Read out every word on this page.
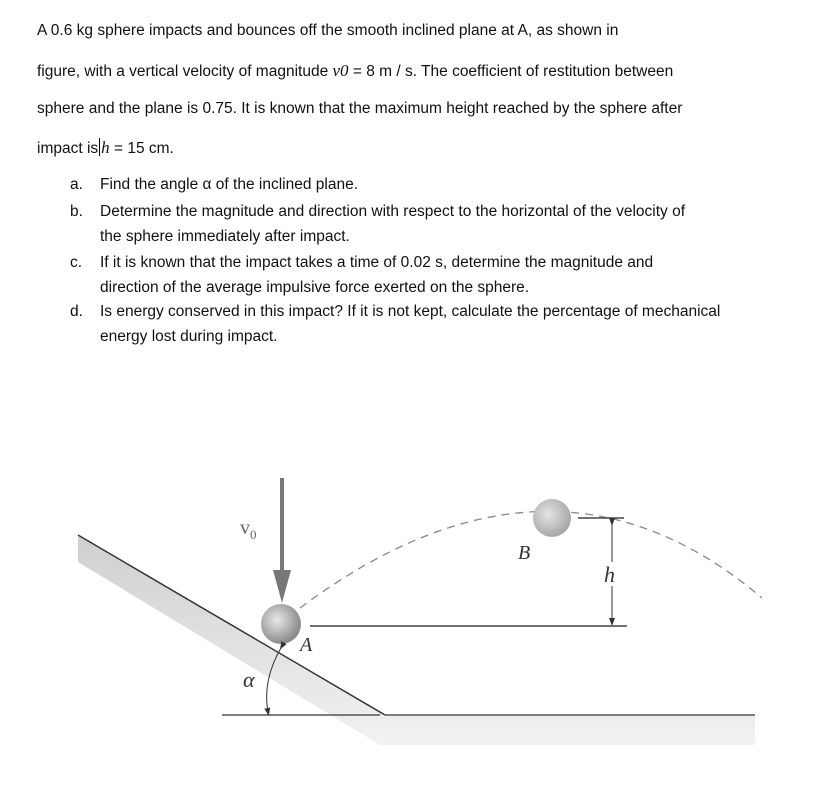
A 0.6 kg sphere impacts and bounces off the smooth inclined plane at A, as shown in
figure, with a vertical velocity of magnitude v0 = 8 m / s. The coefficient of restitution between
sphere and the plane is 0.75. It is known that the maximum height reached by the sphere after
impact is h = 15 cm.
a. Find the angle α of the inclined plane.
b. Determine the magnitude and direction with respect to the horizontal of the velocity of
the sphere immediately after impact.
c. If it is known that the impact takes a time of 0.02 s, determine the magnitude and
direction of the average impulsive force exerted on the sphere.
d. Is energy conserved in this impact? If it is not kept, calculate the percentage of mechanical
energy lost during impact.
$v_0$
B
h
A
α
